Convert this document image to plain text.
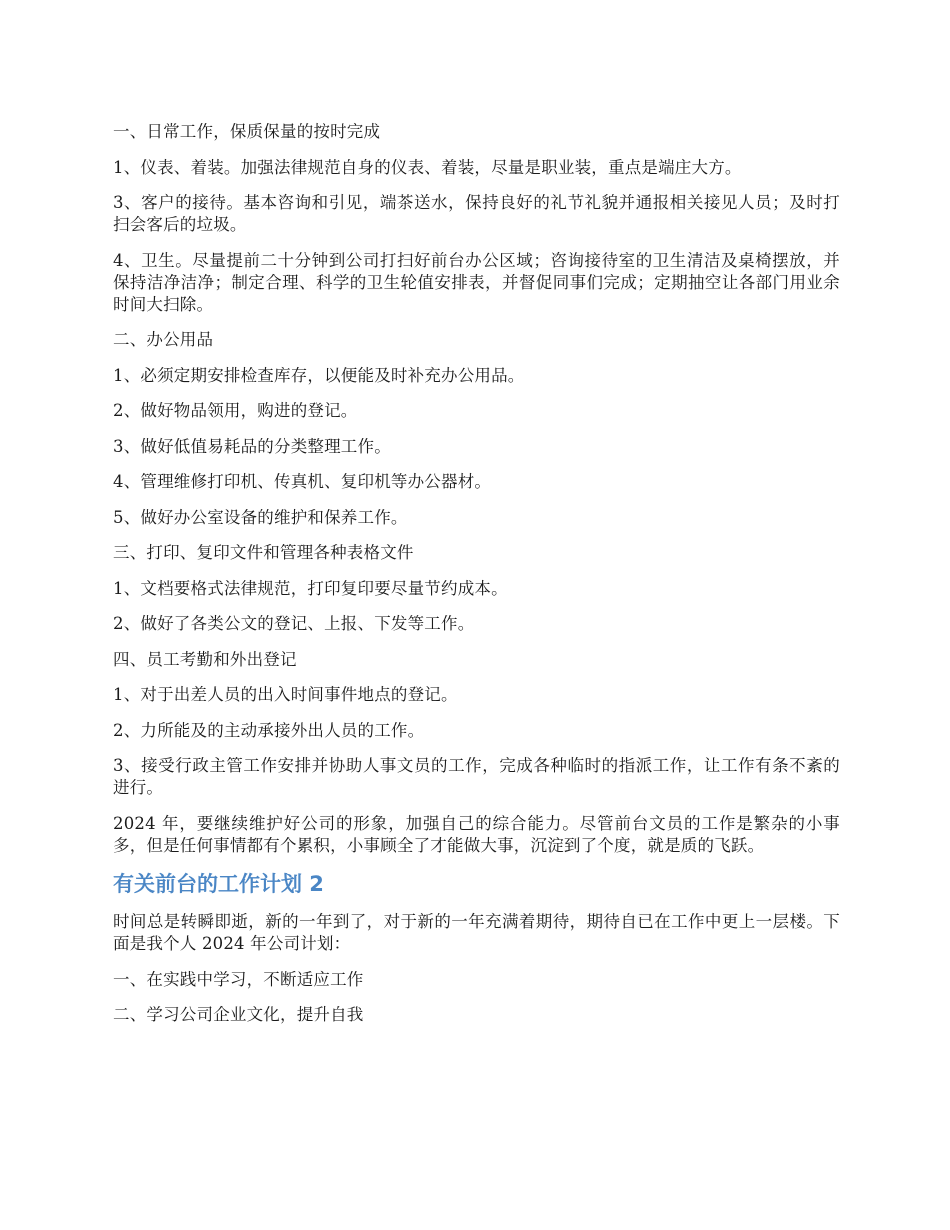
一、日常工作，保质保量的按时完成

1、仪表、着装。加强法律规范自身的仪表、着装，尽量是职业装，重点是端庄大方。

3、客户的接待。基本咨询和引见，端茶送水，保持良好的礼节礼貌并通报相关接见人员；及时打扫会客后的垃圾。

4、卫生。尽量提前二十分钟到公司打扫好前台办公区域；咨询接待室的卫生清洁及桌椅摆放，并保持洁净洁净；制定合理、科学的卫生轮值安排表，并督促同事们完成；定期抽空让各部门用业余时间大扫除。

二、办公用品

1、必须定期安排检查库存，以便能及时补充办公用品。

2、做好物品领用，购进的登记。

3、做好低值易耗品的分类整理工作。

4、管理维修打印机、传真机、复印机等办公器材。

5、做好办公室设备的维护和保养工作。

三、打印、复印文件和管理各种表格文件

1、文档要格式法律规范，打印复印要尽量节约成本。

2、做好了各类公文的登记、上报、下发等工作。

四、员工考勤和外出登记

1、对于出差人员的出入时间事件地点的登记。

2、力所能及的主动承接外出人员的工作。

3、接受行政主管工作安排并协助人事文员的工作，完成各种临时的指派工作，让工作有条不紊的进行。

2024 年，要继续维护好公司的形象，加强自己的综合能力。尽管前台文员的工作是繁杂的小事多，但是任何事情都有个累积，小事顾全了才能做大事，沉淀到了个度，就是质的飞跃。

有关前台的工作计划 2

时间总是转瞬即逝，新的一年到了，对于新的一年充满着期待，期待自已在工作中更上一层楼。下面是我个人 2024 年公司计划：

一、在实践中学习，不断适应工作

二、学习公司企业文化，提升自我
